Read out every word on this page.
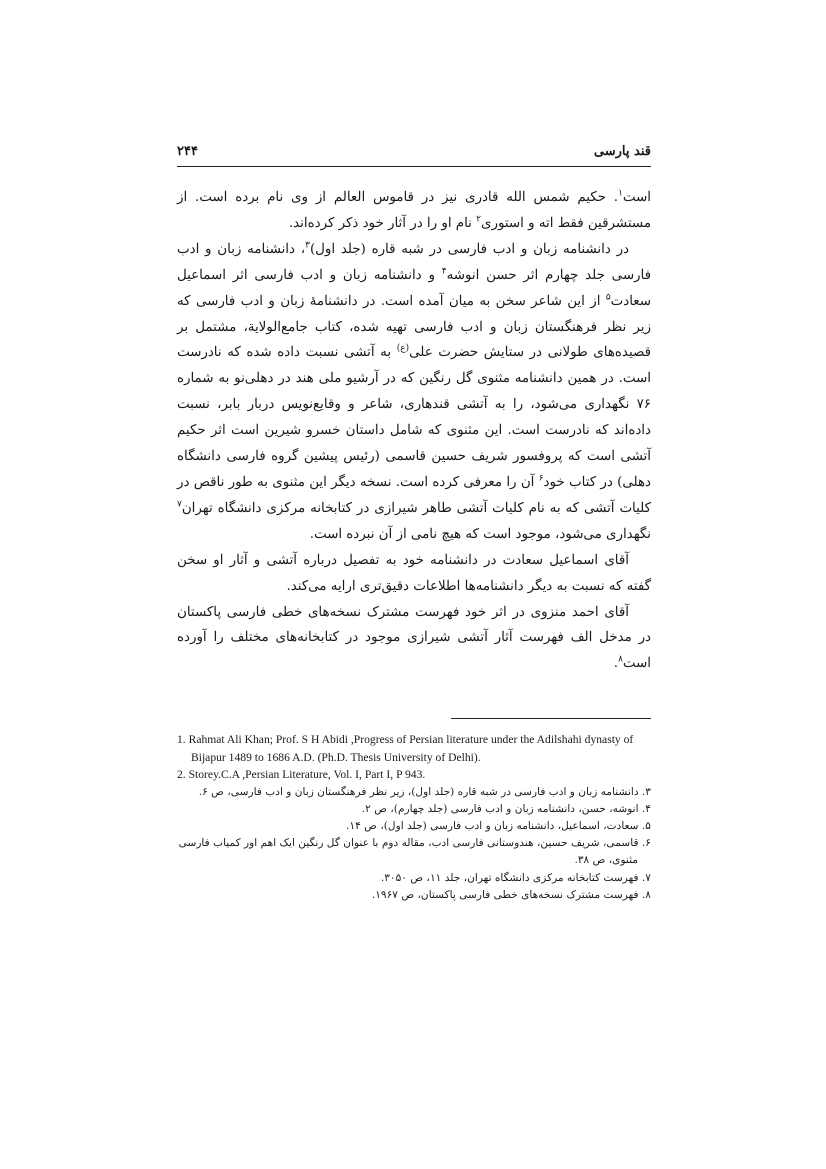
قند پارسی
۲۴۴

است$^۱$. حکیم شمس الله قادری نیز در قاموس العالم از وی نام برده است. از مستشرقین فقط اته و استوری$^۲$ نام او را در آثار خود ذکر کرده‌اند.

در دانشنامه زبان و ادب فارسی در شبه قاره (جلد اول)$^۳$، دانشنامه زبان و ادب فارسی جلد چهارم اثر حسن انوشه$^۴$ و دانشنامه زبان و ادب فارسی اثر اسماعیل سعادت$^۵$ از این شاعر سخن به میان آمده است. در دانشنامۀ زبان و ادب فارسی که زیر نظر فرهنگستان زبان و ادب فارسی تهیه شده، کتاب جامع‌الولایة، مشتمل بر قصیده‌های طولانی در ستایش حضرت علی$^{(ع)}$ به آتشی نسبت داده شده که نادرست است. در همین دانشنامه مثنوی گل رنگین که در آرشیو ملی هند در دهلی‌نو به شماره ۷۶ نگهداری می‌شود، را به آتشی قندهاری، شاعر و وقایع‌نویس دربار بابر، نسبت داده‌اند که نادرست است. این مثنوی که شامل داستان خسرو شیرین است اثر حکیم آتشی است که پروفسور شریف حسین قاسمی (رئیس پیشین گروه فارسی دانشگاه دهلی) در کتاب خود$^۶$ آن را معرفی کرده است. نسخه دیگر این مثنوی به طور ناقص در کلیات آتشی که به نام کلیات آتشی طاهر شیرازی در کتابخانه مرکزی دانشگاه تهران$^۷$ نگهداری می‌شود، موجود است که هیچ نامی از آن نبرده است.

آقای اسماعیل سعادت در دانشنامه خود به تفصیل درباره آتشی و آثار او سخن گفته که نسبت به دیگر دانشنامه‌ها اطلاعات دقیق‌تری ارایه می‌کند.

آقای احمد منزوی در اثر خود فهرست مشترک نسخه‌های خطی فارسی پاکستان در مدخل الف فهرست آثار آتشی شیرازی موجود در کتابخانه‌های مختلف را آورده است$^۸$.

1. Rahmat Ali Khan; Prof. S H Abidi ,Progress of Persian literature under the Adilshahi dynasty of Bijapur 1489 to 1686 A.D. (Ph.D. Thesis University of Delhi).
2. Storey.C.A ,Persian Literature, Vol. I, Part I, P 943.
۳. دانشنامه زبان و ادب فارسی در شبه قاره (جلد اول)، زیر نظر فرهنگستان زبان و ادب فارسی، ص ۶.
۴. انوشه، حسن، دانشنامه زبان و ادب فارسی (جلد چهارم)، ص ۲.
۵. سعادت، اسماعیل، دانشنامه زبان و ادب فارسی (جلد اول)، ص ۱۴.
۶. قاسمی، شریف حسین، هندوستانی فارسی ادب، مقاله دوم با عنوان گل رنگین ایک اهم اور کمیاب فارسی مثنوی، ص ۳۸.
۷. فهرست کتابخانه مرکزی دانشگاه تهران، جلد ۱۱، ص ۳۰۵۰.
۸. فهرست مشترک نسخه‌های خطی فارسی پاکستان، ص ۱۹۶۷.
